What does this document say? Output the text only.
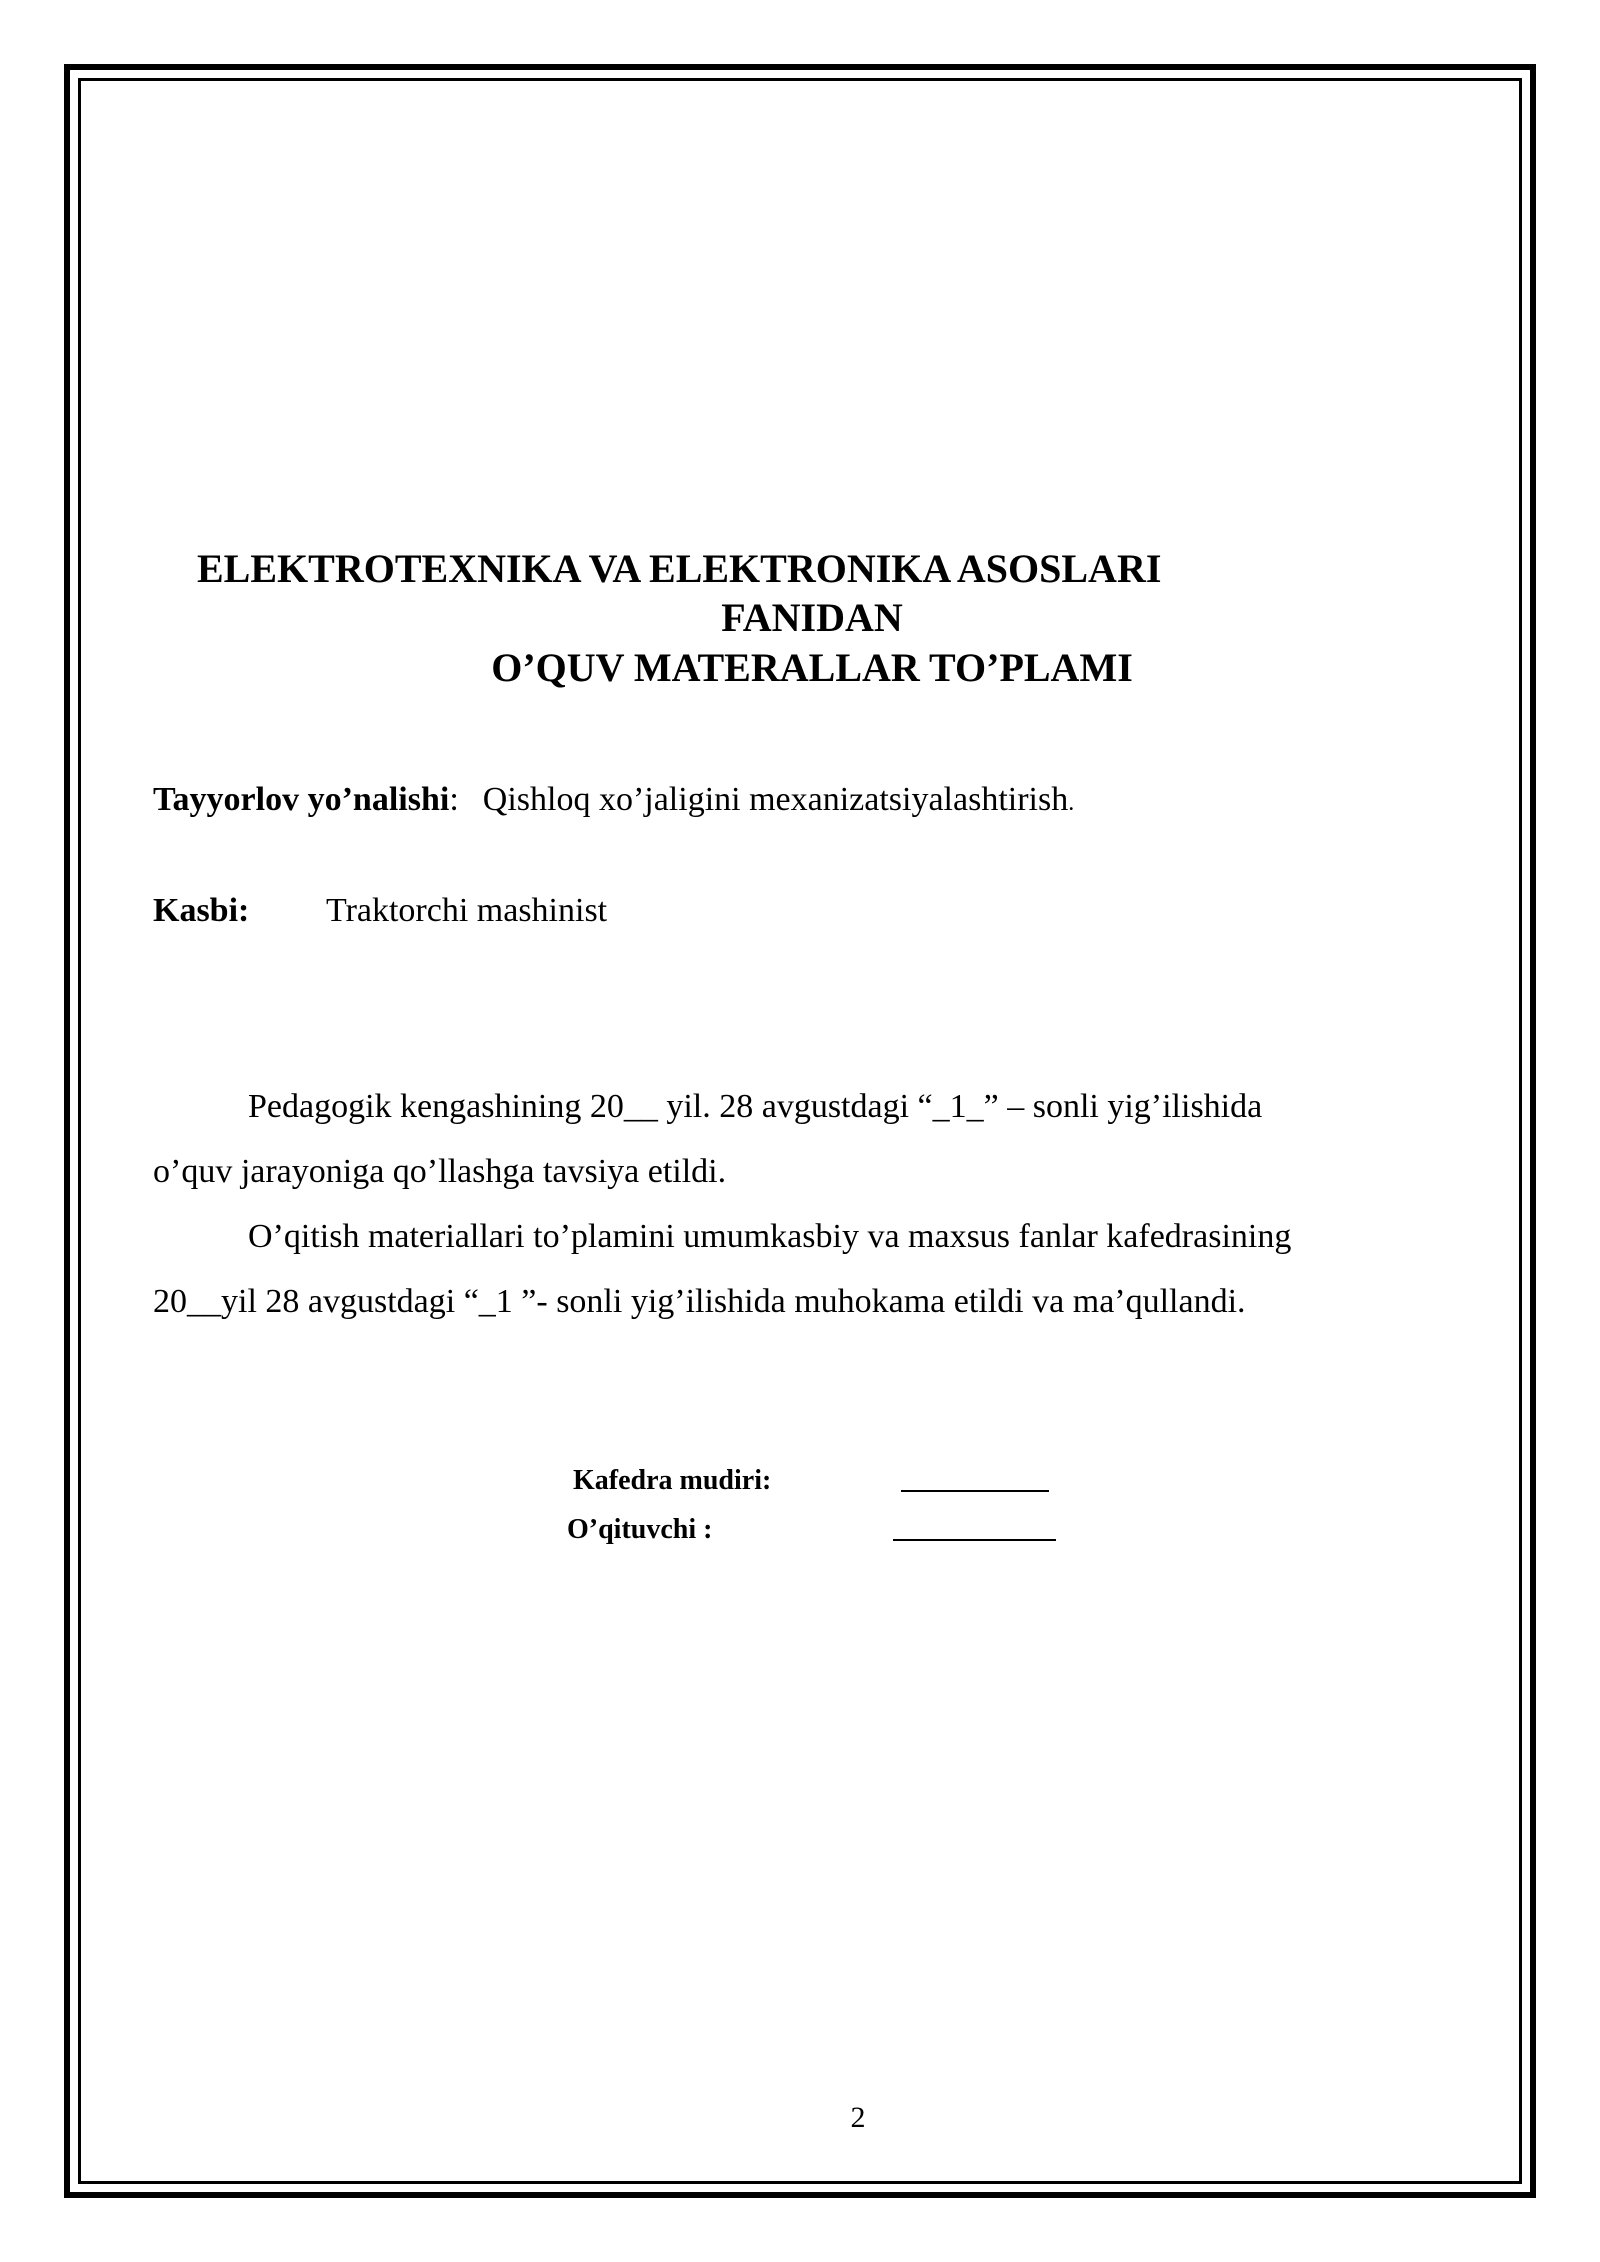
ELEKTROTEXNIKA VA ELEKTRONIKA ASOSLARI
FANIDAN
O’QUV MATERALLAR TO’PLAMI
Tayyorlov yo’nalishi: Qishloq xo’jaligini mexanizatsiyalashtirish.
Kasbi: Traktorchi mashinist
Pedagogik kengashining 20__ yil. 28 avgustdagi “_1_” – sonli yig’ilishida
o’quv jarayoniga qo’llashga tavsiya etildi.
O’qitish materiallari to’plamini umumkasbiy va maxsus fanlar kafedrasining
20__yil 28 avgustdagi “_1 ”- sonli yig’ilishida muhokama etildi va ma’qullandi.
Kafedra mudiri:
O’qituvchi :
2
